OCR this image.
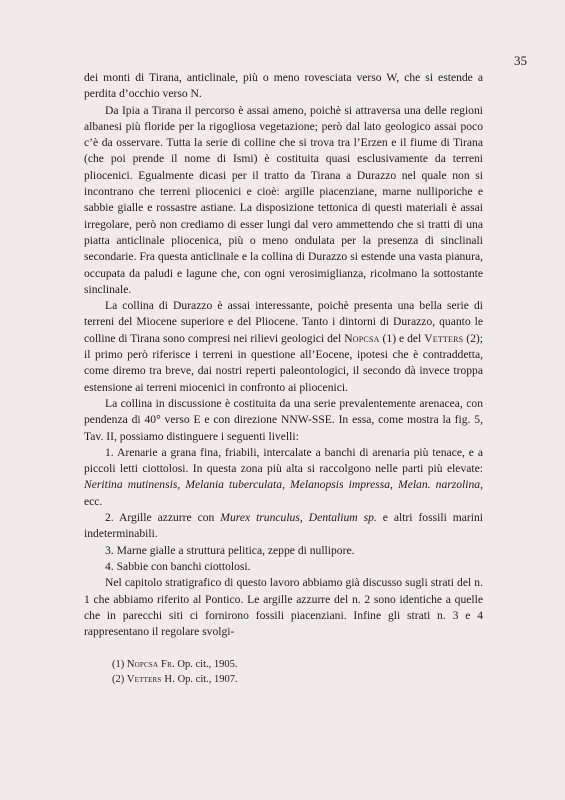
35

dei monti di Tirana, anticlinale, più o meno rovesciata verso W, che si estende a perdita d’occhio verso N.

Da Ipia a Tirana il percorso è assai ameno, poichè si attraversa una delle regioni albanesi più floride per la rigogliosa vegetazione; però dal lato geologico assai poco c’è da osservare. Tutta la serie di colline che si trova tra l’Erzen e il fiume di Tirana (che poi prende il nome di Ismi) è costituita quasi esclusivamente da terreni pliocenici. Egualmente dicasi per il tratto da Tirana a Durazzo nel quale non si incontrano che terreni pliocenici e cioè: argille piacenziane, marne nulliporiche e sabbie gialle e rossastre astiane. La disposizione tettonica di questi materiali è assai irregolare, però non crediamo di esser lungi dal vero ammettendo che si tratti di una piatta anticlinale pliocenica, più o meno ondulata per la presenza di sinclinali secondarie. Fra questa anticlinale e la collina di Durazzo si estende una vasta pianura, occupata da paludi e lagune che, con ogni verosimiglianza, ricolmano la sottostante sinclinale.

La collina di Durazzo è assai interessante, poichè presenta una bella serie di terreni del Miocene superiore e del Pliocene. Tanto i dintorni di Durazzo, quanto le colline di Tirana sono compresi nei rilievi geologici del Nopcsa (1) e del Vetters (2); il primo però riferisce i terreni in questione all’Eocene, ipotesi che è contraddetta, come diremo tra breve, dai nostri reperti paleontologici, il secondo dà invece troppa estensione ai terreni miocenici in confronto ai pliocenici.

La collina in discussione è costituita da una serie prevalentemente arenacea, con pendenza di 40° verso E e con direzione NNW-SSE. In essa, come mostra la fig. 5, Tav. II, possiamo distinguere i seguenti livelli:

1. Arenarie a grana fina, friabili, intercalate a banchi di arenaria più tenace, e a piccoli letti ciottolosi. In questa zona più alta si raccolgono nelle parti più elevate: Neritina mutinensis, Melania tuberculata, Melanopsis impressa, Melan. narzolina, ecc.

2. Argille azzurre con Murex trunculus, Dentalium sp. e altri fossili marini indeterminabili.

3. Marne gialle a struttura pelitica, zeppe di nullipore.

4. Sabbie con banchi ciottolosi.

Nel capitolo stratigrafico di questo lavoro abbiamo già discusso sugli strati del n. 1 che abbiamo riferito al Pontico. Le argille azzurre del n. 2 sono identiche a quelle che in parecchi siti ci fornirono fossili piacenziani. Infine gli strati n. 3 e 4 rappresentano il regolare svolgi-

(1) Nopcsa Fr. Op. cit., 1905.

(2) Vetters H. Op. cit., 1907.
